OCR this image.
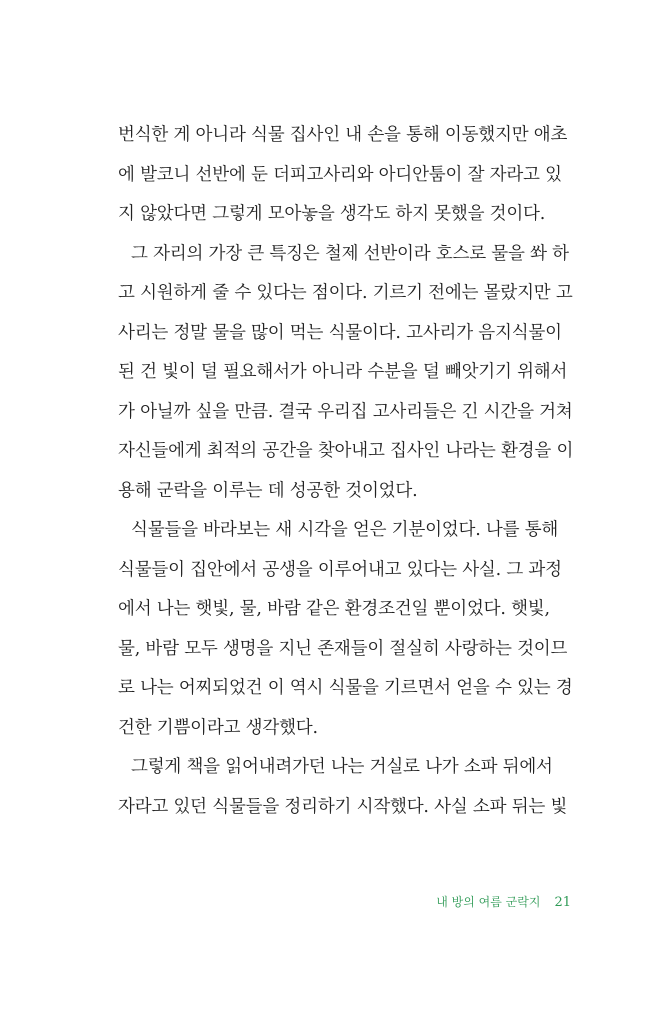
번식한 게 아니라 식물 집사인 내 손을 통해 이동했지만 애초
에 발코니 선반에 둔 더피고사리와 아디안툼이 잘 자라고 있
지 않았다면 그렇게 모아놓을 생각도 하지 못했을 것이다.
그 자리의 가장 큰 특징은 철제 선반이라 호스로 물을 쏴 하
고 시원하게 줄 수 있다는 점이다. 기르기 전에는 몰랐지만 고
사리는 정말 물을 많이 먹는 식물이다. 고사리가 음지식물이
된 건 빛이 덜 필요해서가 아니라 수분을 덜 빼앗기기 위해서
가 아닐까 싶을 만큼. 결국 우리집 고사리들은 긴 시간을 거쳐
자신들에게 최적의 공간을 찾아내고 집사인 나라는 환경을 이
용해 군락을 이루는 데 성공한 것이었다.
식물들을 바라보는 새 시각을 얻은 기분이었다. 나를 통해
식물들이 집안에서 공생을 이루어내고 있다는 사실. 그 과정
에서 나는 햇빛, 물, 바람 같은 환경조건일 뿐이었다. 햇빛,
물, 바람 모두 생명을 지닌 존재들이 절실히 사랑하는 것이므
로 나는 어찌되었건 이 역시 식물을 기르면서 얻을 수 있는 경
건한 기쁨이라고 생각했다.
그렇게 책을 읽어내려가던 나는 거실로 나가 소파 뒤에서
자라고 있던 식물들을 정리하기 시작했다. 사실 소파 뒤는 빛
내 방의 여름 군락지 21
